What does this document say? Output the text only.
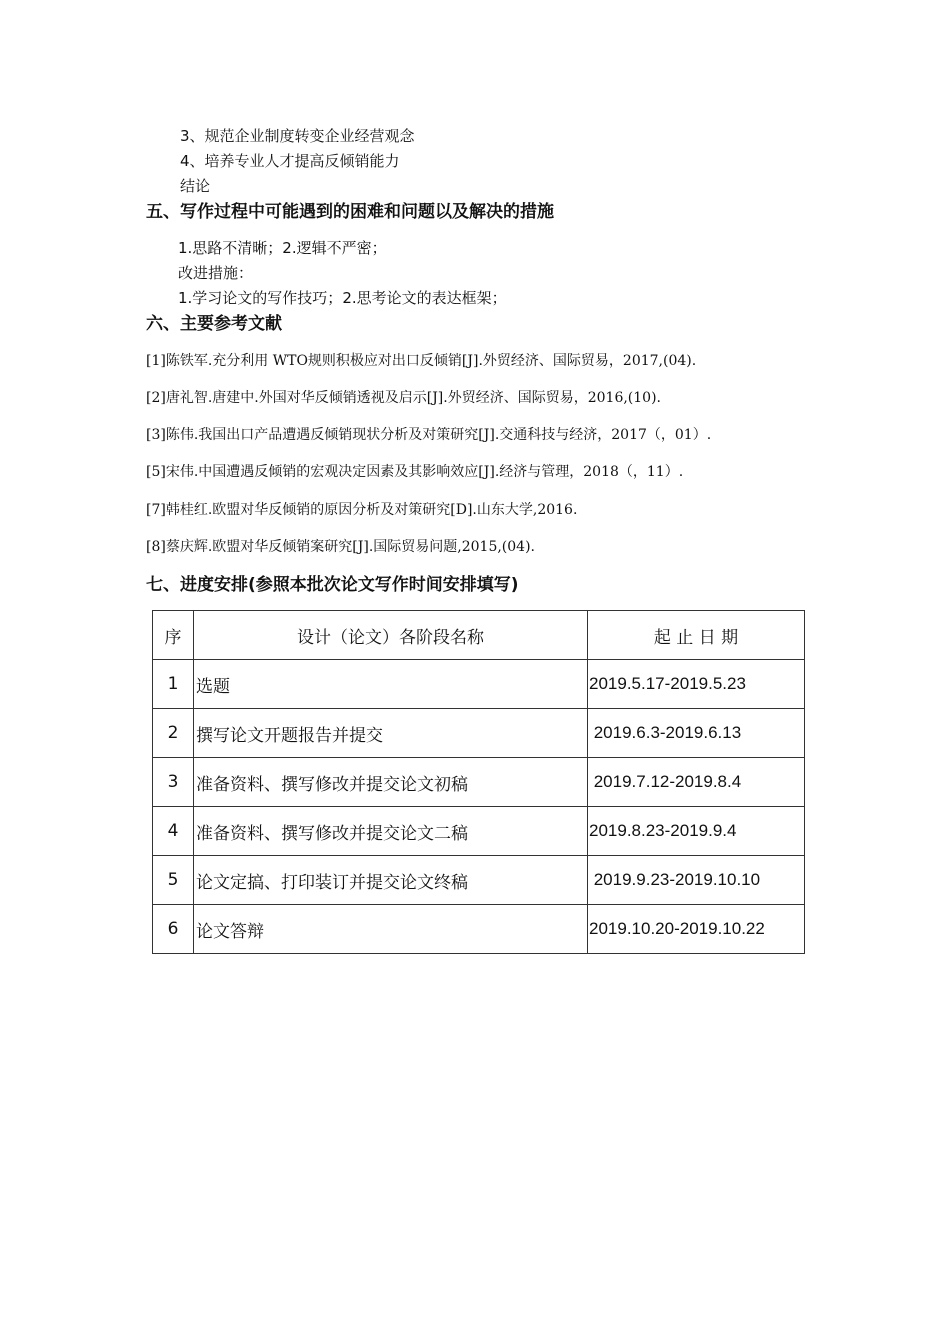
3、规范企业制度转变企业经营观念
4、培养专业人才提高反倾销能力
结论
五、写作过程中可能遇到的困难和问题以及解决的措施
1.思路不清晰；2.逻辑不严密；
改进措施：
1.学习论文的写作技巧；2.思考论文的表达框架；
六、主要参考文献
[1]陈铁军.充分利用 WTO规则积极应对出口反倾销[J].外贸经济、国际贸易，2017,(04).
[2]唐礼智.唐建中.外国对华反倾销透视及启示[J].外贸经济、国际贸易，2016,(10).
[3]陈伟.我国出口产品遭遇反倾销现状分析及对策研究[J].交通科技与经济，2017（，01）.
[5]宋伟.中国遭遇反倾销的宏观决定因素及其影响效应[J].经济与管理，2018（，11）.
[7]韩桂红.欧盟对华反倾销的原因分析及对策研究[D].山东大学,2016.
[8]蔡庆辉.欧盟对华反倾销案研究[J].国际贸易问题,2015,(04).
七、进度安排(参照本批次论文写作时间安排填写)
序	设计（论文）各阶段名称	起 止 日 期
1	选题	2019.5.17-2019.5.23
2	撰写论文开题报告并提交	2019.6.3-2019.6.13
3	准备资料、撰写修改并提交论文初稿	2019.7.12-2019.8.4
4	准备资料、撰写修改并提交论文二稿	2019.8.23-2019.9.4
5	论文定搞、打印装订并提交论文终稿	2019.9.23-2019.10.10
6	论文答辩	2019.10.20-2019.10.22
